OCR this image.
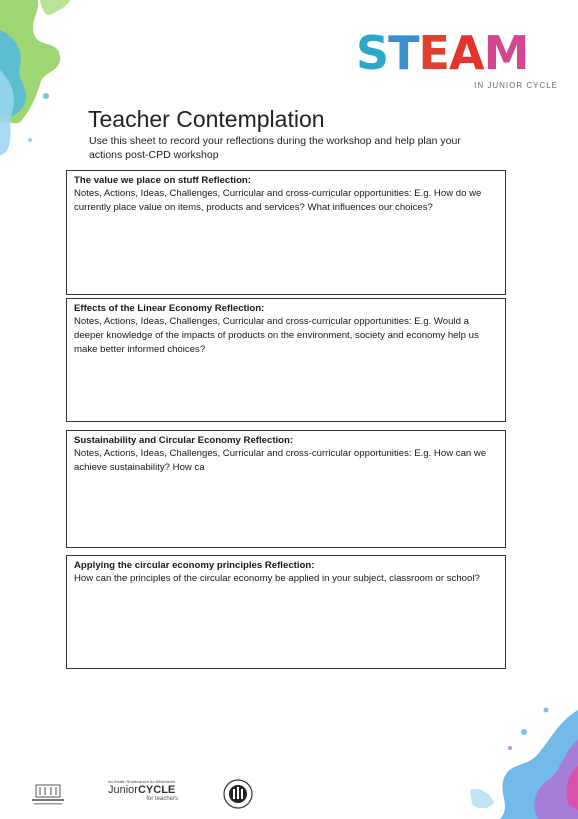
S T E A M
IN JUNIOR CYCLE
Teacher Contemplation
Use this sheet to record your reflections during the workshop and help plan your actions post-CPD workshop
The value we place on stuff Reflection:
Notes, Actions, Ideas, Challenges, Curricular and cross-curricular opportunities: E.g. How do we currently place value on items, products and services? What influences our choices?
Effects of the Linear Economy Reflection:
Notes, Actions, Ideas, Challenges, Curricular and cross-curricular opportunities: E.g. Would a deeper knowledge of the impacts of products on the environment, society and economy help us make better informed choices?
Sustainability and Circular Economy Reflection:
Notes, Actions, Ideas, Challenges, Curricular and cross-curricular opportunities: E.g. How can we achieve sustainability? How ca
Applying the circular economy principles Reflection:
How can the principles of the circular economy be applied in your subject, classroom or school?
An tSraith Shóisearach do Mhúinteoirí
JuniorCYCLE
for teachers
